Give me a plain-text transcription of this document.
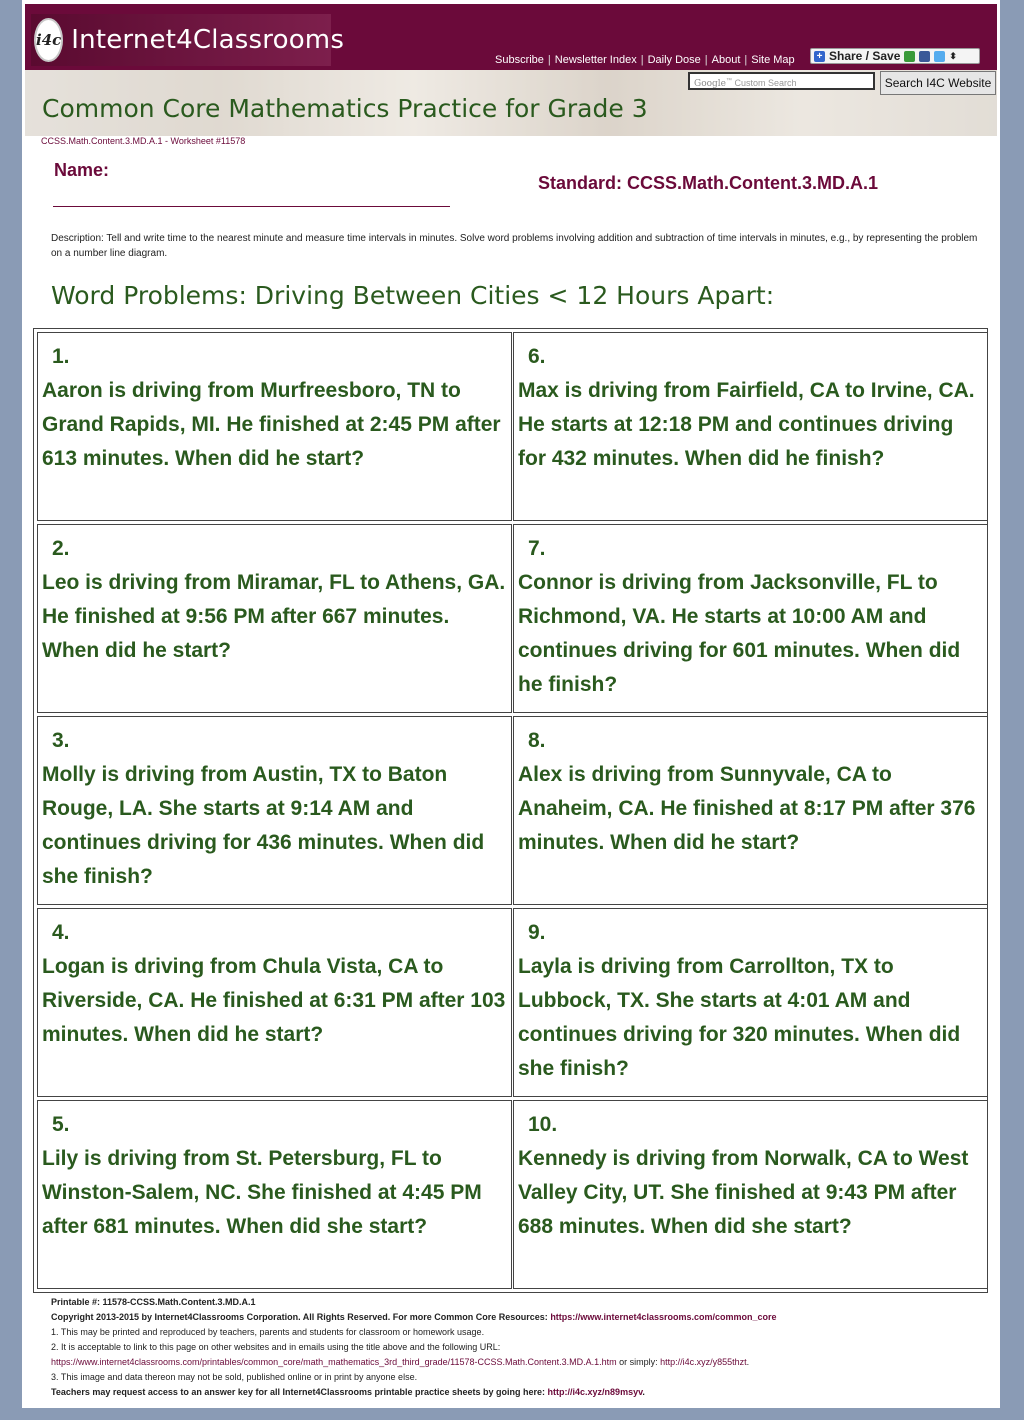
i4c Internet4Classrooms
Subscribe | Newsletter Index | Daily Dose | About | Site Map + Share / Save	⬍
Google™ Custom Search	Search I4C Website
Common Core Mathematics Practice for Grade 3
CCSS.Math.Content.3.MD.A.1 - Worksheet #11578
Name:
Standard: CCSS.Math.Content.3.MD.A.1
Description: Tell and write time to the nearest minute and measure time intervals in minutes. Solve word problems involving addition and subtraction of time intervals in minutes, e.g., by representing the problem on a number line diagram.
Word Problems: Driving Between Cities < 12 Hours Apart:
1.
Aaron is driving from Murfreesboro, TN to Grand Rapids, MI. He finished at 2:45 PM after 613 minutes. When did he start?
6.
Max is driving from Fairfield, CA to Irvine, CA. He starts at 12:18 PM and continues driving for 432 minutes. When did he finish?
2.
Leo is driving from Miramar, FL to Athens, GA. He finished at 9:56 PM after 667 minutes. When did he start?
7.
Connor is driving from Jacksonville, FL to Richmond, VA. He starts at 10:00 AM and continues driving for 601 minutes. When did he finish?
3.
Molly is driving from Austin, TX to Baton Rouge, LA. She starts at 9:14 AM and continues driving for 436 minutes. When did she finish?
8.
Alex is driving from Sunnyvale, CA to Anaheim, CA. He finished at 8:17 PM after 376 minutes. When did he start?
4.
Logan is driving from Chula Vista, CA to Riverside, CA. He finished at 6:31 PM after 103 minutes. When did he start?
9.
Layla is driving from Carrollton, TX to Lubbock, TX. She starts at 4:01 AM and continues driving for 320 minutes. When did she finish?
5.
Lily is driving from St. Petersburg, FL to Winston-Salem, NC. She finished at 4:45 PM after 681 minutes. When did she start?
10.
Kennedy is driving from Norwalk, CA to West Valley City, UT. She finished at 9:43 PM after 688 minutes. When did she start?
Printable #: 11578-CCSS.Math.Content.3.MD.A.1
Copyright 2013-2015 by Internet4Classrooms Corporation. All Rights Reserved. For more Common Core Resources: https://www.internet4classrooms.com/common_core
1. This may be printed and reproduced by teachers, parents and students for classroom or homework usage.
2. It is acceptable to link to this page on other websites and in emails using the title above and the following URL:
https://www.internet4classrooms.com/printables/common_core/math_mathematics_3rd_third_grade/11578-CCSS.Math.Content.3.MD.A.1.htm or simply: http://i4c.xyz/y855thzt.
3. This image and data thereon may not be sold, published online or in print by anyone else.
Teachers may request access to an answer key for all Internet4Classrooms printable practice sheets by going here: http://i4c.xyz/n89msyv.
